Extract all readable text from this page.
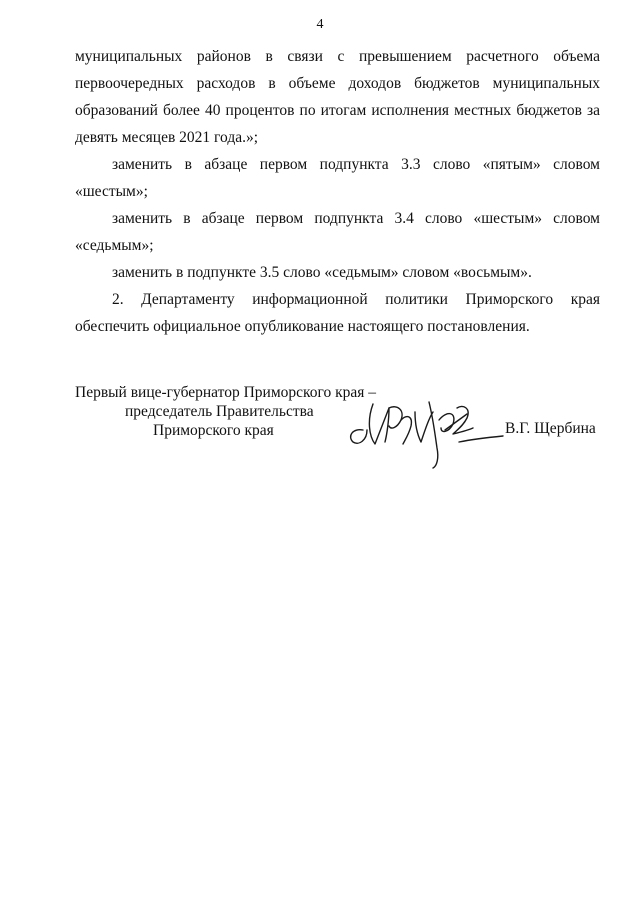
4

муниципальных районов в связи с превышением расчетного объема первоочередных расходов в объеме доходов бюджетов муниципальных образований более 40 процентов по итогам исполнения местных бюджетов за девять месяцев 2021 года.»;

заменить в абзаце первом подпункта 3.3 слово «пятым» словом «шестым»;

заменить в абзаце первом подпункта 3.4 слово «шестым» словом «седьмым»;

заменить в подпункте 3.5 слово «седьмым» словом «восьмым».

2. Департаменту информационной политики Приморского края обеспечить официальное опубликование настоящего постановления.

Первый вице-губернатор Приморского края –
председатель Правительства
Приморского края	В.Г. Щербина
